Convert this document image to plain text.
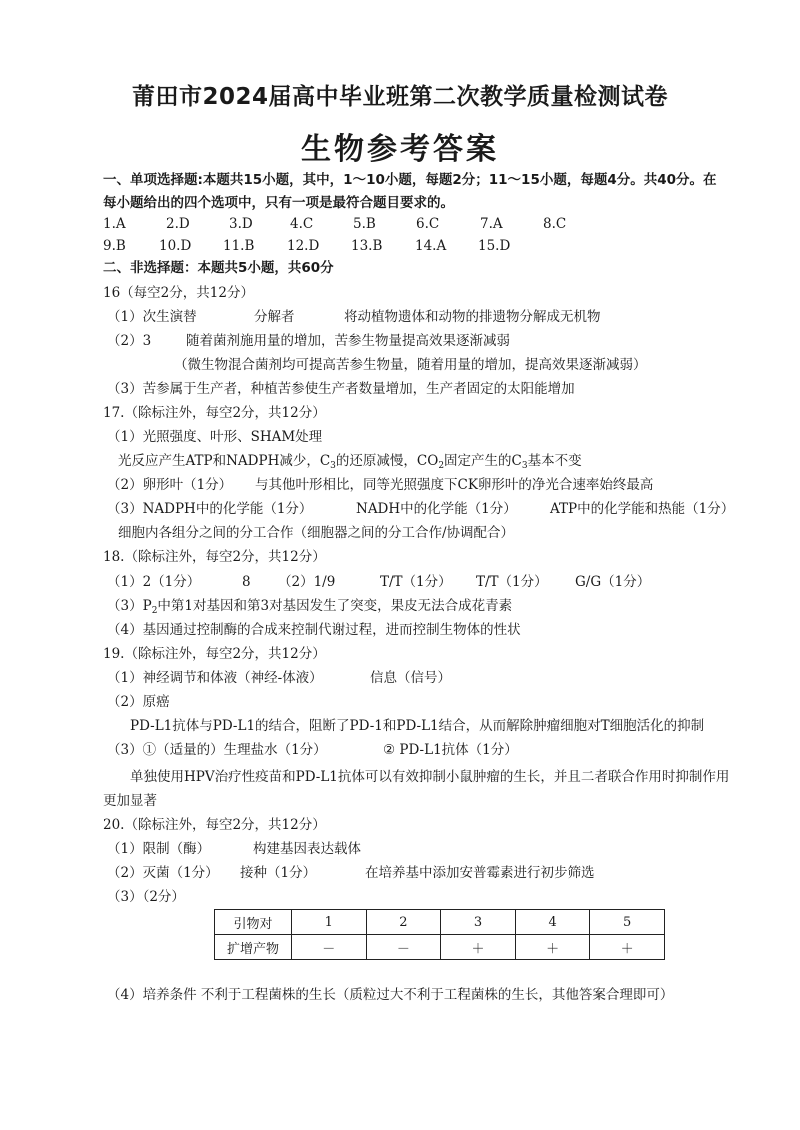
莆田市2024届高中毕业班第二次教学质量检测试卷
生物参考答案
一、单项选择题:本题共15小题，其中，1～10小题，每题2分；11～15小题，每题4分。共40分。在
每小题给出的四个选项中，只有一项是最符合题目要求的。
1.A	2.D	3.D	4.C	5.B	6.C	7.A	8.C
9.B	10.D	11.B	12.D	13.B	14.A	15.D
二、非选择题：本题共5小题，共60分
16（每空2分，共12分）
（1）次生演替	分解者	将动植物遗体和动物的排遗物分解成无机物
（2）3	随着菌剂施用量的增加，苦参生物量提高效果逐渐减弱
（微生物混合菌剂均可提高苦参生物量，随着用量的增加，提高效果逐渐减弱）
（3）苦参属于生产者，种植苦参使生产者数量增加，生产者固定的太阳能增加
17.（除标注外，每空2分，共12分）
（1）光照强度、叶形、SHAM处理
光反应产生ATP和NADPH减少，$C_3$的还原减慢，$CO_2$固定产生的$C_3$基本不变
（2）卵形叶（1分） 与其他叶形相比，同等光照强度下CK卵形叶的净光合速率始终最高
（3）NADPH中的化学能（1分）	NADH中的化学能（1分） ATP中的化学能和热能（1分）
细胞内各组分之间的分工合作（细胞器之间的分工合作/协调配合）
18.（除标注外，每空2分，共12分）
（1）2（1分）	8	（2）1/9	T/T（1分）	T/T（1分）	G/G（1分）
$(3)P_2$中第1对基因和第3对基因发生了突变，果皮无法合成花青素
（4）基因通过控制酶的合成来控制代谢过程，进而控制生物体的性状
19.（除标注外，每空2分，共12分）
（1）神经调节和体液（神经-体液）	信息（信号）
（2）原癌
PD-L1抗体与PD-L1的结合，阻断了PD-1和PD-L1结合，从而解除肿瘤细胞对T细胞活化的抑制
（3）①（适量的）生理盐水（1分）	② PD-L1抗体（1分）
单独使用HPV治疗性疫苗和PD-L1抗体可以有效抑制小鼠肿瘤的生长，并且二者联合作用时抑制作用
更加显著
20.（除标注外，每空2分，共12分）
（1）限制（酶）	构建基因表达载体
（2）灭菌（1分） 接种（1分）	在培养基中添加安普霉素进行初步筛选
（3）（2分）
引物对	1	2	3	4	5
扩增产物	－	－	＋	＋	＋
（4）培养条件 不利于工程菌株的生长（质粒过大不利于工程菌株的生长，其他答案合理即可）
